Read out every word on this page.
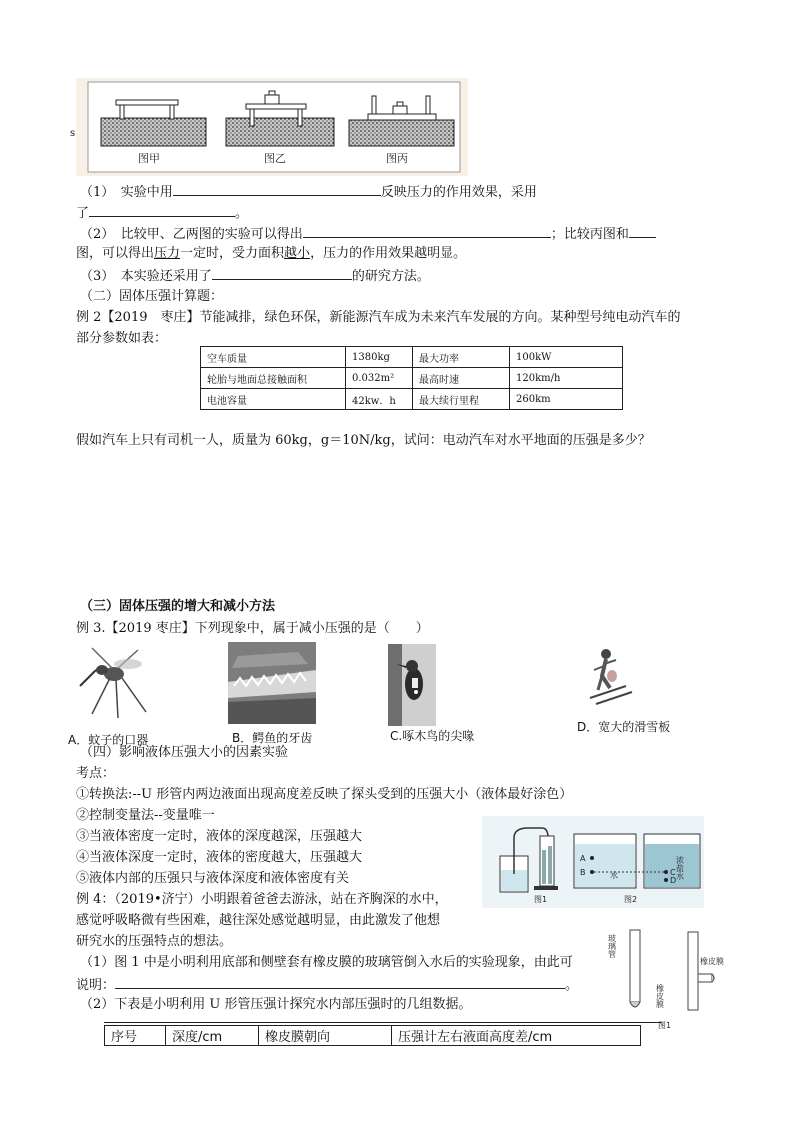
图甲	图乙	图丙
s
（1）　 实验中用	反映压力的作用效果，采用
了	。
（2）　 比较甲、乙两图的实验可以得出	；比较丙图和
图，可以得出压力一定时，受力面积越小，压力的作用效果越明显。
（3）　 本实验还采用了	的研究方法。
（二）固体压强计算题：
例 2【2019　枣庄】节能减排，绿色环保，新能源汽车成为未来汽车发展的方向。某种型号纯电动汽车的
部分参数如表：
空车质量	1380kg	最大功率	100kW
轮胎与地面总接触面积	0.032m²	最高时速	120km/h
电池容量	42kw．h	最大续行里程	260km
假如汽车上只有司机一人，质量为 60kg，g＝10N/kg，试问：电动汽车对水平地面的压强是多少？
（三）固体压强的增大和减小方法
例 3.【2019 枣庄】下列现象中，属于减小压强的是（　　）
A．蚊子的口器	B．鳄鱼的牙齿	C.啄木鸟的尖喙
D．宽大的滑雪板
（四）影响液体压强大小的因素实验
考点：
①转换法:--U 形管内两边液面出现高度差反映了探头受到的压强大小（液体最好涂色）
②控制变量法--变量唯一
③当液体密度一定时，液体的深度越深，压强越大
④当液体深度一定时，液体的密度越大，压强越大
⑤液体内部的压强只与液体深度和液体密度有关
图1
A
B	C
D
水	浓盐水
图2
例 4：（2019•济宁）小明跟着爸爸去游泳，站在齐胸深的水中，
感觉呼吸略微有些困难，越往深处感觉越明显，由此激发了他想
研究水的压强特点的想法。
（1）图 1 中是小明利用底部和侧壁套有橡皮膜的玻璃管倒入水后的实验现象，由此可
说明：	。
（2）下表是小明利用 U 形管压强计探究水内部压强时的几组数据。
玻璃管
橡皮膜
橡皮膜
图1
序号	深度/cm	橡皮膜朝向	压强计左右液面高度差/cm
